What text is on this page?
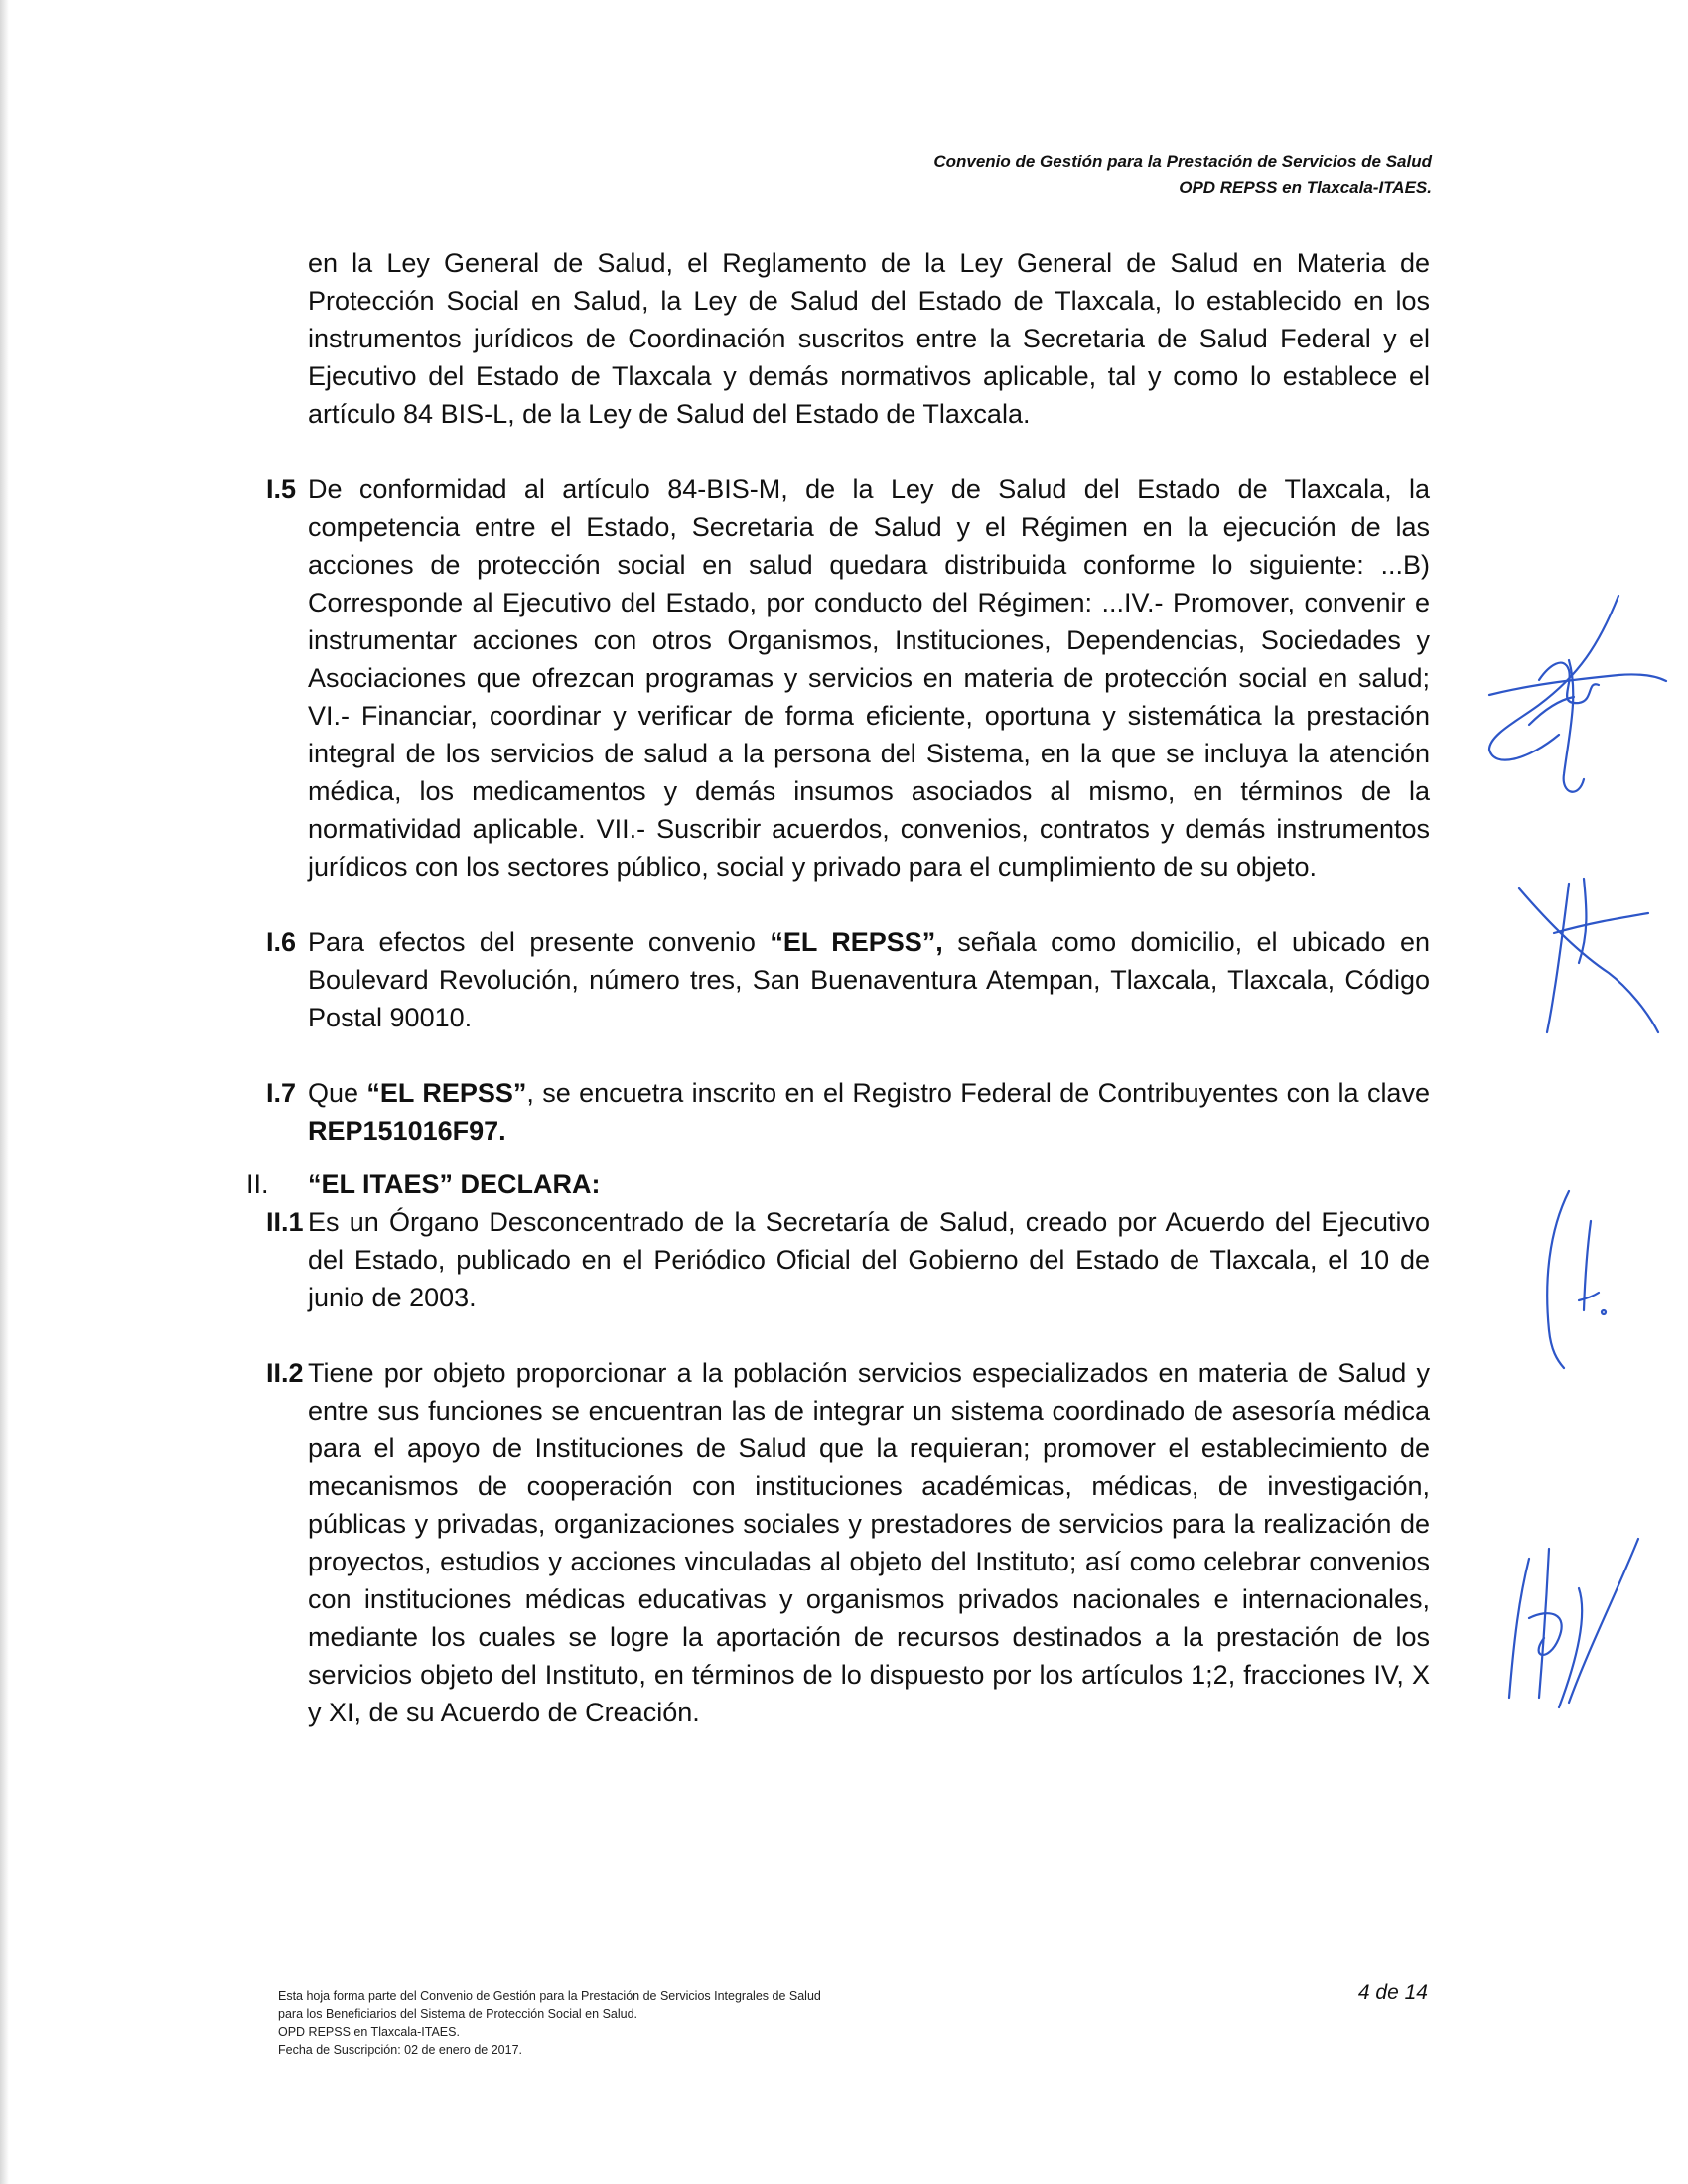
Convenio de Gestión para la Prestación de Servicios de Salud
OPD REPSS en Tlaxcala-ITAES.

en la Ley General de Salud, el Reglamento de la Ley General de Salud en Materia de Protección Social en Salud, la Ley de Salud del Estado de Tlaxcala, lo establecido en los instrumentos jurídicos de Coordinación suscritos entre la Secretaria de Salud Federal y el Ejecutivo del Estado de Tlaxcala y demás normativos aplicable, tal y como lo establece el artículo 84 BIS-L, de la Ley de Salud del Estado de Tlaxcala.

I.5 De conformidad al artículo 84-BIS-M, de la Ley de Salud del Estado de Tlaxcala, la competencia entre el Estado, Secretaria de Salud y el Régimen en la ejecución de las acciones de protección social en salud quedara distribuida conforme lo siguiente: ...B) Corresponde al Ejecutivo del Estado, por conducto del Régimen: ...IV.- Promover, convenir e instrumentar acciones con otros Organismos, Instituciones, Dependencias, Sociedades y Asociaciones que ofrezcan programas y servicios en materia de protección social en salud; VI.- Financiar, coordinar y verificar de forma eficiente, oportuna y sistemática la prestación integral de los servicios de salud a la persona del Sistema, en la que se incluya la atención médica, los medicamentos y demás insumos asociados al mismo, en términos de la normatividad aplicable. VII.- Suscribir acuerdos, convenios, contratos y demás instrumentos jurídicos con los sectores público, social y privado para el cumplimiento de su objeto.

I.6 Para efectos del presente convenio “EL REPSS”, señala como domicilio, el ubicado en Boulevard Revolución, número tres, San Buenaventura Atempan, Tlaxcala, Tlaxcala, Código Postal 90010.

I.7 Que “EL REPSS”, se encuetra inscrito en el Registro Federal de Contribuyentes con la clave REP151016F97.

II. “EL ITAES” DECLARA:

II.1 Es un Órgano Desconcentrado de la Secretaría de Salud, creado por Acuerdo del Ejecutivo del Estado, publicado en el Periódico Oficial del Gobierno del Estado de Tlaxcala, el 10 de junio de 2003.

II.2 Tiene por objeto proporcionar a la población servicios especializados en materia de Salud y entre sus funciones se encuentran las de integrar un sistema coordinado de asesoría médica para el apoyo de Instituciones de Salud que la requieran; promover el establecimiento de mecanismos de cooperación con instituciones académicas, médicas, de investigación, públicas y privadas, organizaciones sociales y prestadores de servicios para la realización de proyectos, estudios y acciones vinculadas al objeto del Instituto; así como celebrar convenios con instituciones médicas educativas y organismos privados nacionales e internacionales, mediante los cuales se logre la aportación de recursos destinados a la prestación de los servicios objeto del Instituto, en términos de lo dispuesto por los artículos 1;2, fracciones IV, X y XI, de su Acuerdo de Creación.

Esta hoja forma parte del Convenio de Gestión para la Prestación de Servicios Integrales de Salud
para los Beneficiarios del Sistema de Protección Social en Salud.
OPD REPSS en Tlaxcala-ITAES.
Fecha de Suscripción: 02 de enero de 2017.
4 de 14
